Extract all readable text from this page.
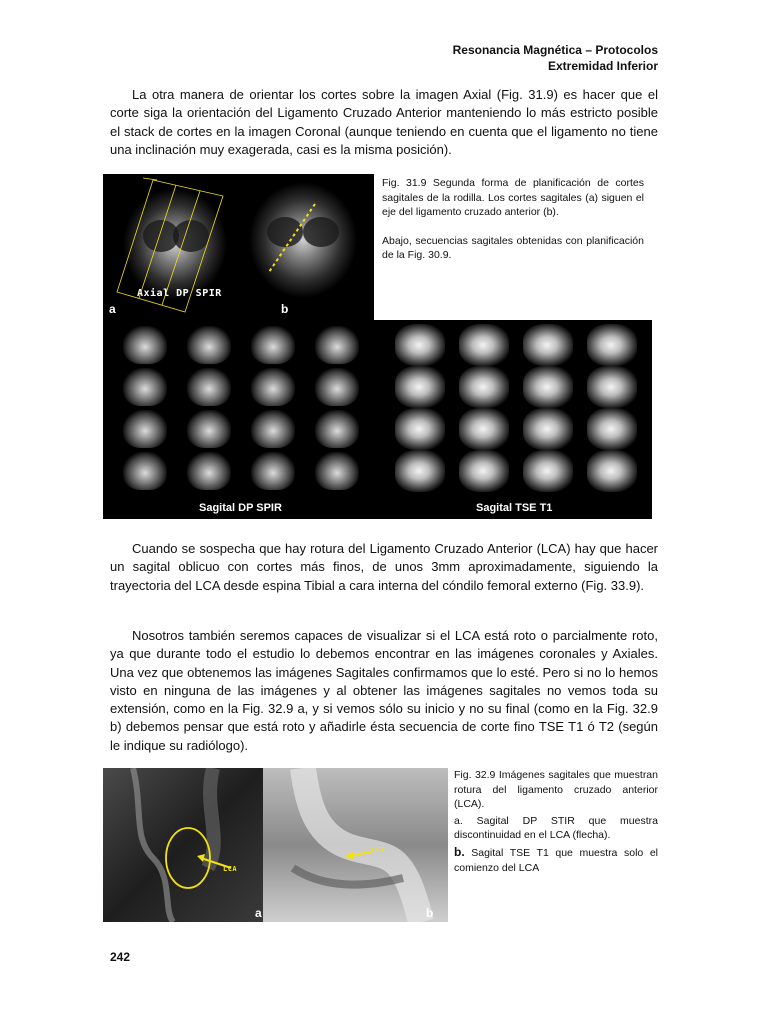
Resonancia Magnética – Protocolos
Extremidad Inferior

La otra manera de orientar los cortes sobre la imagen Axial (Fig. 31.9) es hacer que el corte siga la orientación del Ligamento Cruzado Anterior manteniendo lo más estricto posible el stack de cortes en la imagen Coronal (aunque teniendo en cuenta que el ligamento no tiene una inclinación muy exagerada, casi es la misma posición).

Axial DP SPIR
a	b

Fig. 31.9 Segunda forma de planificación de cortes sagitales de la rodilla. Los cortes sagitales (a) siguen el eje del ligamento cruzado anterior (b).

Abajo, secuencias sagitales obtenidas con planificación de la Fig. 30.9.

Sagital DP SPIR	Sagital TSE T1

Cuando se sospecha que hay rotura del Ligamento Cruzado Anterior (LCA) hay que hacer un sagital oblicuo con cortes más finos, de unos 3mm aproximadamente, siguiendo la trayectoria del LCA desde espina Tibial a cara interna del cóndilo femoral externo (Fig. 33.9).

Nosotros también seremos capaces de visualizar si el LCA está roto o parcialmente roto, ya que durante todo el estudio lo debemos encontrar en las imágenes coronales y Axiales. Una vez que obtenemos las imágenes Sagitales confirmamos que lo esté. Pero si no lo hemos visto en ninguna de las imágenes y al obtener las imágenes sagitales no vemos toda su extensión, como en la Fig. 32.9 a, y si vemos sólo su inicio y no su final (como en la Fig. 32.9 b) debemos pensar que está roto y añadirle ésta secuencia de corte fino TSE T1 ó T2 (según le indique su radiólogo).

LCA
LCA
a	b

Fig. 32.9 Imágenes sagitales que muestran rotura del ligamento cruzado anterior (LCA).

a. Sagital DP STIR que muestra discontinuidad en el LCA (flecha).

b. Sagital TSE T1 que muestra solo el comienzo del LCA

242
